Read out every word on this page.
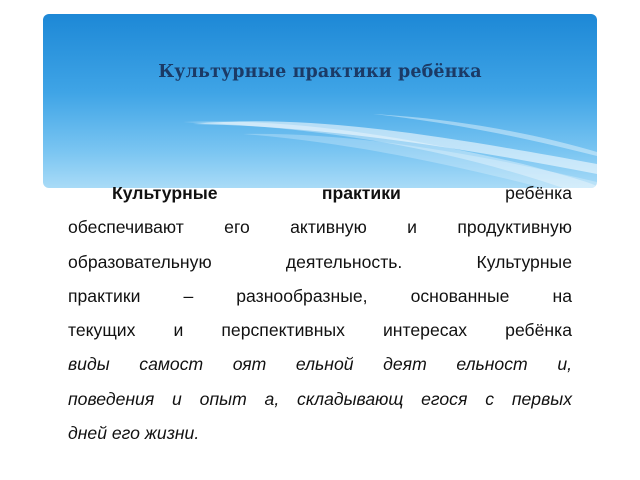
Культурные практики ребёнка
Культурные практики	ребёнка
обеспечивают его активную и продуктивную
образовательную деятельность. Культурные
практики – разнообразные, основанные на
текущих и перспективных интересах ребёнка
виды самост оят ельной деят ельност и,
поведения и опыт а, складывающ егося с первых
дней его жизни.
